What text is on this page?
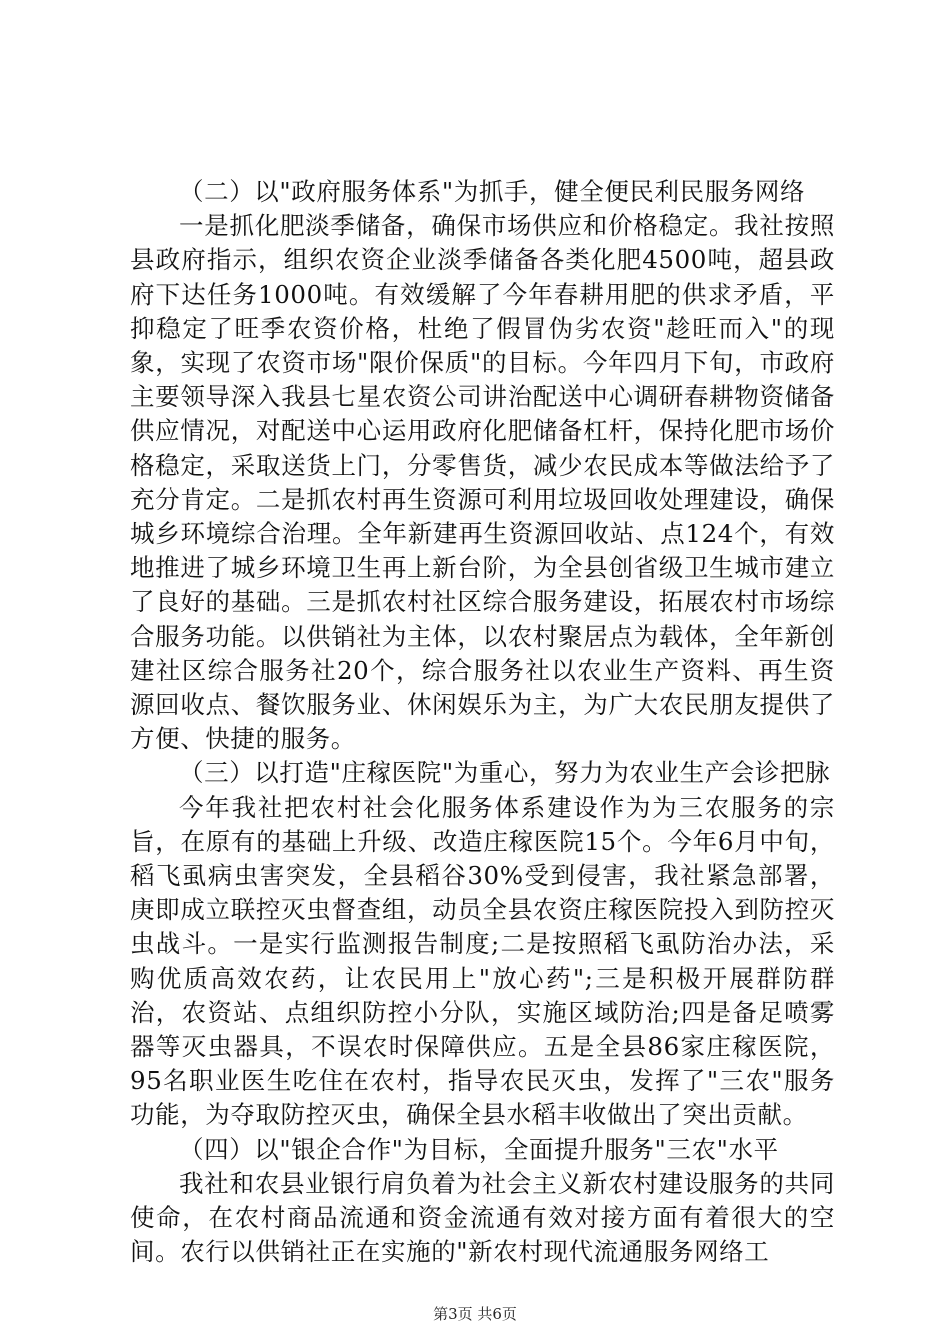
（二）以"政府服务体系"为抓手，健全便民利民服务网络

一是抓化肥淡季储备，确保市场供应和价格稳定。我社按照县政府指示，组织农资企业淡季储备各类化肥4500吨，超县政府下达任务1000吨。有效缓解了今年春耕用肥的供求矛盾，平抑稳定了旺季农资价格，杜绝了假冒伪劣农资"趁旺而入"的现象，实现了农资市场"限价保质"的目标。今年四月下旬，市政府主要领导深入我县七星农资公司讲治配送中心调研春耕物资储备供应情况，对配送中心运用政府化肥储备杠杆，保持化肥市场价格稳定，采取送货上门，分零售货，减少农民成本等做法给予了充分肯定。二是抓农村再生资源可利用垃圾回收处理建设，确保城乡环境综合治理。全年新建再生资源回收站、点124个，有效地推进了城乡环境卫生再上新台阶，为全县创省级卫生城市建立了良好的基础。三是抓农村社区综合服务建设，拓展农村市场综合服务功能。以供销社为主体，以农村聚居点为载体，全年新创建社区综合服务社20个，综合服务社以农业生产资料、再生资源回收点、餐饮服务业、休闲娱乐为主，为广大农民朋友提供了方便、快捷的服务。

（三）以打造"庄稼医院"为重心，努力为农业生产会诊把脉

今年我社把农村社会化服务体系建设作为为三农服务的宗旨，在原有的基础上升级、改造庄稼医院15个。今年6月中旬，稻飞虱病虫害突发，全县稻谷30%受到侵害，我社紧急部署，庚即成立联控灭虫督查组，动员全县农资庄稼医院投入到防控灭虫战斗。一是实行监测报告制度;二是按照稻飞虱防治办法，采购优质高效农药，让农民用上"放心药";三是积极开展群防群治，农资站、点组织防控小分队，实施区域防治;四是备足喷雾器等灭虫器具，不误农时保障供应。五是全县86家庄稼医院，95名职业医生吃住在农村，指导农民灭虫，发挥了"三农"服务功能，为夺取防控灭虫，确保全县水稻丰收做出了突出贡献。

（四）以"银企合作"为目标，全面提升服务"三农"水平

我社和农县业银行肩负着为社会主义新农村建设服务的共同使命，在农村商品流通和资金流通有效对接方面有着很大的空间。农行以供销社正在实施的"新农村现代流通服务网络工

第3页 共6页
